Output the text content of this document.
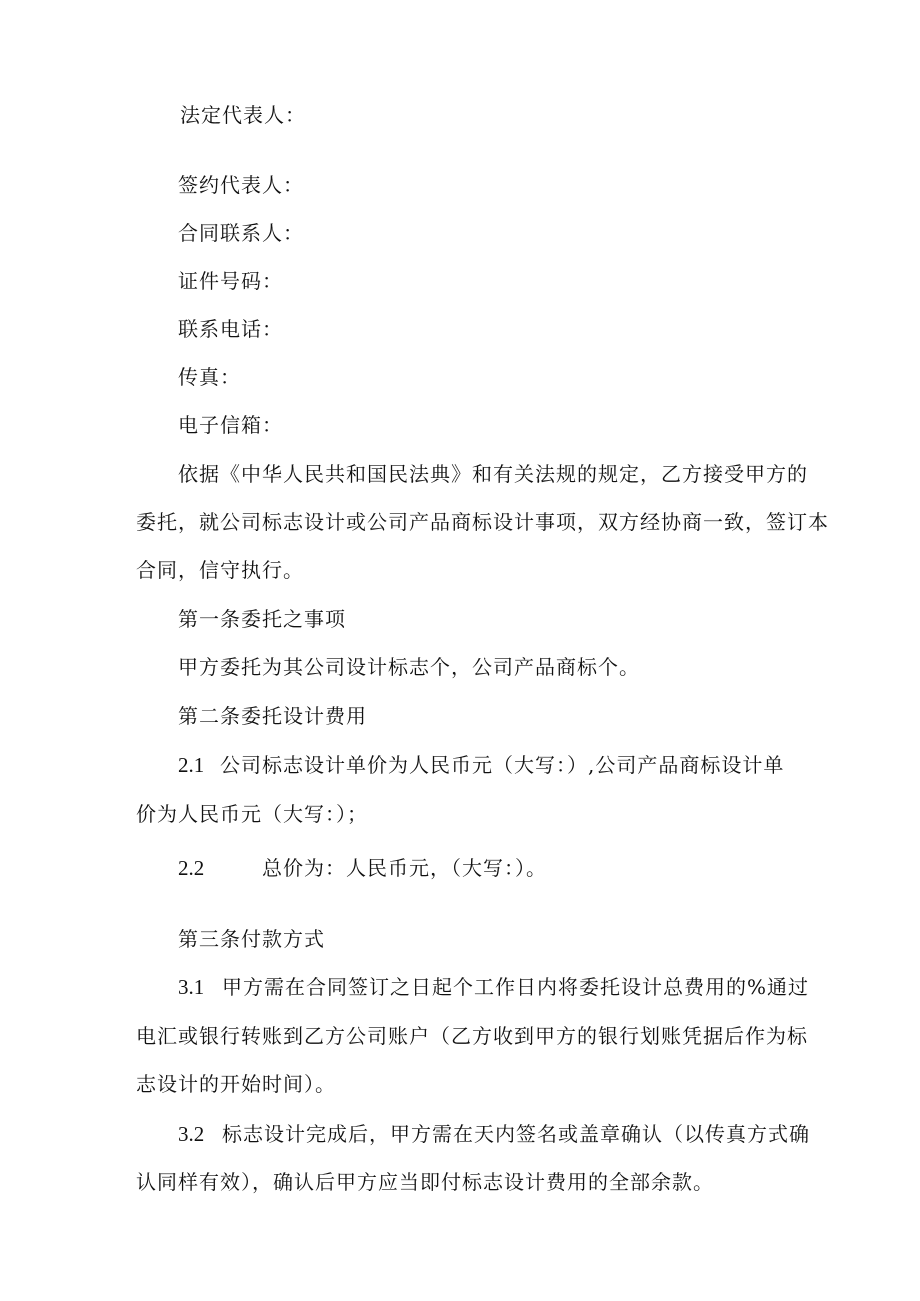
法定代表人：
签约代表人：
合同联系人：
证件号码：
联系电话：
传真：
电子信箱：
依据《中华人民共和国民法典》和有关法规的规定，乙方接受甲方的
委托，就公司标志设计或公司产品商标设计事项，双方经协商一致，签订本
合同，信守执行。
第一条委托之事项
甲方委托为其公司设计标志个，公司产品商标个。
第二条委托设计费用
2.1 公司标志设计单价为人民币元（大写：）,公司产品商标设计单
价为人民币元（大写：）；
2.2	总价为：人民币元，（大写：）。
第三条付款方式
3.1 甲方需在合同签订之日起个工作日内将委托设计总费用的%通过
电汇或银行转账到乙方公司账户（乙方收到甲方的银行划账凭据后作为标
志设计的开始时间）。
3.2 标志设计完成后，甲方需在天内签名或盖章确认（以传真方式确
认同样有效），确认后甲方应当即付标志设计费用的全部余款。
